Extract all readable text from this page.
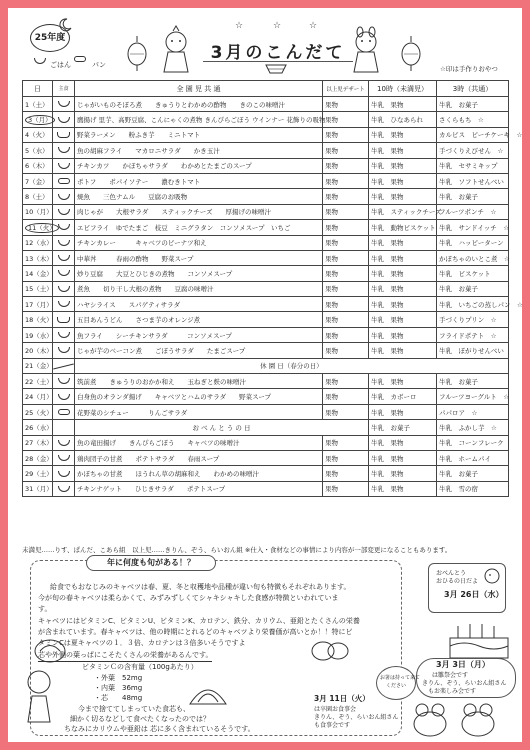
25年度
ごはん	パン
☆	☆	☆
3月のこんだて
☆印は手作りおやつ
日	主食	全 園 児 共 通	以上児デザート	10時（未満児）	3時（共通）
1（土）		じゃがいものそぼろ煮　　きゅうりとわかめの酢物　　きのこの味噌汁	果物	牛乳　果物	牛乳　お菓子
3（月）		鷹揚げ 里芋、高野豆腐、こんにゃくの煮物 きんぴらごぼう ウインナー 花飾りの吸物	果物	牛乳　ひなあられ	さくらもち　☆
4（火）		野菜ラーメン　　粉ふき芋　　ミニトマト	果物	牛乳　果物	カルピス　ピーチケーキ　☆
5（水）		魚の胡麻フライ　　マカロニサラダ　　かき玉汁	果物	牛乳　果物	手づくりえびせん　☆
6（木）		チキンカツ　　かぼちゃサラダ　　わかめとたまごのスープ	果物	牛乳　果物	牛乳　セサミキップ
7（金）		ポトフ　　ポパイソテー　　濃むきトマト	果物	牛乳　果物	牛乳　ソフトせんべい
8（土）		焼魚　　三色ナムル　　豆腐のお吸物	果物	牛乳　果物	牛乳　お菓子
10（月）		肉じゃが　　大根サラダ　　スティックチーズ　　厚揚げの味噌汁	果物	牛乳　スティックチーズ	フルーツポンチ　☆
11（火）		エビフライ　ゆでたまご　枝豆　ミニグラタン　コンソメスープ　いちご	果物	牛乳　動物ビスケット	牛乳　サンドイッチ　☆
12（水）		チキンカレー　　　キャベツのピーナツ和え	果物	牛乳　果物	牛乳　ハッピーターン
13（木）		中華丼　　　春雨の酢物　　野菜スープ	果物	牛乳　果物	かぼちゃのいとこ煮　☆
14（金）		炒り豆腐　　大豆とひじきの煮物　　コンソメスープ	果物	牛乳　果物	牛乳　ビスケット
15（土）		煮魚　　切り干し大根の煮物　　豆腐の味噌汁	果物	牛乳　果物	牛乳　お菓子
17（月）		ハヤシライス　　スパゲティサラダ	果物	牛乳　果物	牛乳　いちごの蒸しパン　☆
18（火）		五目あんうどん　　さつま芋のオレンジ煮	果物	牛乳　果物	手づくりプリン　☆
19（水）		魚フライ　　シーチキンサラダ　　　コンソメスープ	果物	牛乳　果物	フライドポテト　☆
20（木）		じゃが芋のベーコン煮　　ごぼうサラダ　　たまごスープ	果物	牛乳　果物	牛乳　ぼがりせんべい
21（金）		休 園 日（春分の日）			
22（土）		筑前煮　　きゅうりのおかか和え　　玉ねぎと麩の味噌汁	果物	牛乳　果物	牛乳　お菓子
24（月）		白身魚のオランダ揚げ　　キャベツとハムのサラダ　　野菜スープ	果物	牛乳　カボーロ	フルーツヨーグルト　☆
25（火）		花野菜のシチュー　　　りんごサラダ	果物	牛乳　果物	パパロア　☆
26（水）		お べ ん と う の 日		牛乳　お菓子	牛乳　ふかし芋　☆
27（木）		魚の竜田揚げ　　きんぴらごぼう　　キャベツの味噌汁	果物	牛乳　果物	牛乳　コーンフレーク
28（金）		鶏肉団子の甘煮　　ポテトサラダ　　春雨スープ	果物	牛乳　果物	牛乳　ホームパイ
29（土）		かぼちゃの甘煮　　ほうれん草の胡麻和え　　わかめの味噌汁	果物	牛乳　果物	牛乳　お菓子
31（月）		チキンナゲット　　ひじきサラダ　　ポテトスープ	果物	牛乳　果物	牛乳　雪の宿
未満児……りす、ぱんだ、こあら組　以上児……きりん、ぞう、らいおん組 ※仕入・食材などの事情により内容が一部変更になることもあります。
年に何度も旬がある！？
給食でもおなじみのキャベツは春、夏、冬と収穫地や品種が違い旬も特徴もそれぞれあります。
今が旬の春キャベツは柔らかくて、みずみずしくてシャキシャキした食感が特徴といわれていま
す。
キャベツにはビタミンC、ビタミンU、ビタミンK、カロテン、鉄分、カリウム、亜鉛とたくさんの栄養
が含まれています。春キャベツは、他の時期にとれるどのキャベツより栄養価が高いとか！！特にビ
タミンCは夏キャベツの１．３倍、カロテンは３倍多いそうですよ
芯や外側の葉っぱにこそたくさんの栄養があるんです。
ビタミンＣの含有量（100gあたり）
・外葉　52mg
・内葉　36mg
・芯　　48mg
今まで捨ててしまっていた食芯も、
細かく切るなどして食べたくなったのでは？
ちなみにカリウムや亜鉛は 芯に多く含まれているそうです。
おべんとう
おひるの日だよ
3月 26日（水）
3月 3日（月）
は雛祭会です
きりん、ぞう、らいおん組さん
もお楽しみ会です
お箸は持って来て
ください
3月 11日（火）
は卒園お食事会
きりん、ぞう、らいおん組さん
も食事会です
